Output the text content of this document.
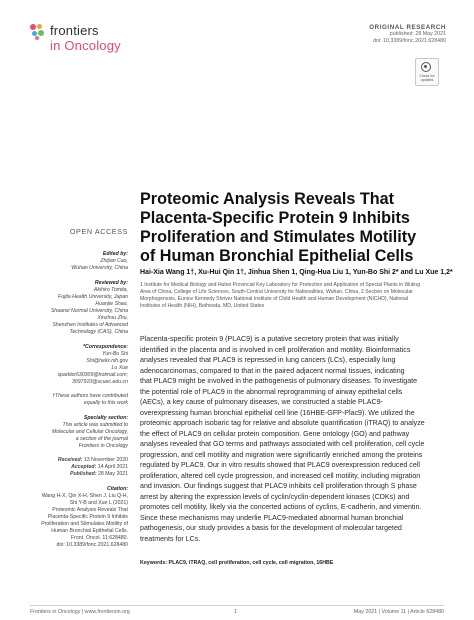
frontiers
in Oncology
ORIGINAL RESEARCH
published: 28 May 2021
doi: 10.3389/fonc.2021.628480
Check for updates
OPEN ACCESS
Edited by:
Zhijian Cao,
Wuhan University, China
Reviewed by:
Akihiro Tomita,
Fujita Health University, Japan
Huanjie Shao,
Shaanxi Normal University, China
Xinzhou Zhu,
Shenzhen Institutes of Advanced
Technology (CAS), China
*Correspondence:
Yun-Bo Shi
Shi@helix.nih.gov
Lu Xue
sparkler630309@hotmail.com;
3097910@scuec.edu.cn
†These authors have contributed
equally to this work
Specialty section:
This article was submitted to
Molecular and Cellular Oncology,
a section of the journal
Frontiers in Oncology
Received: 13 November 2020
Accepted: 14 April 2021
Published: 28 May 2021
Citation:
Wang H-X, Qin X-H, Shen J, Liu Q-H,
Shi Y-B and Xue L (2021)
Proteomic Analysis Reveals That
Placenta-Specific Protein 9 Inhibits
Proliferation and Stimulates Motility of
Human Bronchial Epithelial Cells.
Front. Oncol. 11:628480.
doi: 10.3389/fonc.2021.628480
Proteomic Analysis Reveals That
Placenta-Specific Protein 9 Inhibits
Proliferation and Stimulates Motility
of Human Bronchial Epithelial Cells
Hai-Xia Wang 1†, Xu-Hui Qin 1†, Jinhua Shen 1, Qing-Hua Liu 1, Yun-Bo Shi 2* and Lu Xue 1,2*
1 Institute for Medical Biology and Hubei Provincial Key Laboratory for Protection and Application of Special Plants in Wuling
Area of China, College of Life Sciences, South-Central University for Nationalities, Wuhan, China, 2 Section on Molecular
Morphogenesis, Eunice Kennedy Shriver National Institute of Child Health and Human Development (NICHD), National
Institutes of Health (NIH), Bethesda, MD, United States
Placenta-specific protein 9 (PLAC9) is a putative secretory protein that was initially
identified in the placenta and is involved in cell proliferation and motility. Bioinformatics
analyses revealed that PLAC9 is repressed in lung cancers (LCs), especially lung
adenocarcinomas, compared to that in the paired adjacent normal tissues, indicating
that PLAC9 might be involved in the pathogenesis of pulmonary diseases. To investigate
the potential role of PLAC9 in the abnormal reprogramming of airway epithelial cells
(AECs), a key cause of pulmonary diseases, we constructed a stable PLAC9-
overexpressing human bronchial epithelial cell line (16HBE-GFP-Plac9). We utilized the
proteomic approach isobaric tag for relative and absolute quantification (iTRAQ) to analyze
the effect of PLAC9 on cellular protein composition. Gene ontology (GO) and pathway
analyses revealed that GO terms and pathways associated with cell proliferation, cell cycle
progression, and cell motility and migration were significantly enriched among the proteins
regulated by PLAC9. Our in vitro results showed that PLAC9 overexpression reduced cell
proliferation, altered cell cycle progression, and increased cell motility, including migration
and invasion. Our findings suggest that PLAC9 inhibits cell proliferation through S phase
arrest by altering the expression levels of cyclin/cyclin-dependent kinases (CDKs) and
promotes cell motility, likely via the concerted actions of cyclins, E-cadherin, and vimentin.
Since these mechanisms may underlie PLAC9-mediated abnormal human bronchial
pathogenesis, our study provides a basis for the development of molecular targeted
treatments for LCs.
Keywords: PLAC9, iTRAQ, cell proliferation, cell cycle, cell migration, 16HBE
Frontiers in Oncology | www.frontiersin.org	1	May 2021 | Volume 11 | Article 628480
